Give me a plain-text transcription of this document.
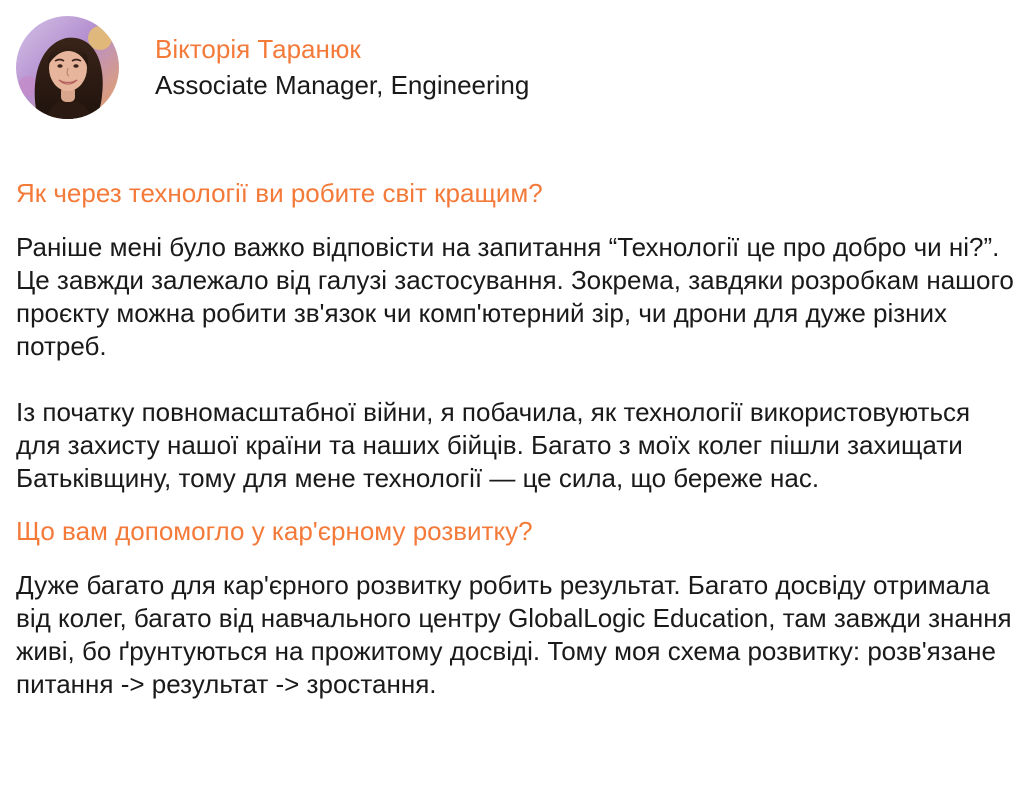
Вікторія Таранюк
Associate Manager, Engineering

Як через технології ви робите світ кращим?

Раніше мені було важко відповісти на запитання “Технології це про добро чи ні?”. Це завжди залежало від галузі застосування. Зокрема, завдяки розробкам нашого проєкту можна робити зв'язок чи комп'ютерний зір, чи дрони для дуже різних потреб.

Із початку повномасштабної війни, я побачила, як технології використовуються для захисту нашої країни та наших бійців. Багато з моїх колег пішли захищати Батьківщину, тому для мене технології — це сила, що береже нас.

Що вам допомогло у кар'єрному розвитку?

Дуже багато для кар'єрного розвитку робить результат. Багато досвіду отримала від колег, багато від навчального центру GlobalLogic Education, там завжди знання живі, бо ґрунтуються на прожитому досвіді. Тому моя схема розвитку: розв'язане питання -> результат -> зростання.
